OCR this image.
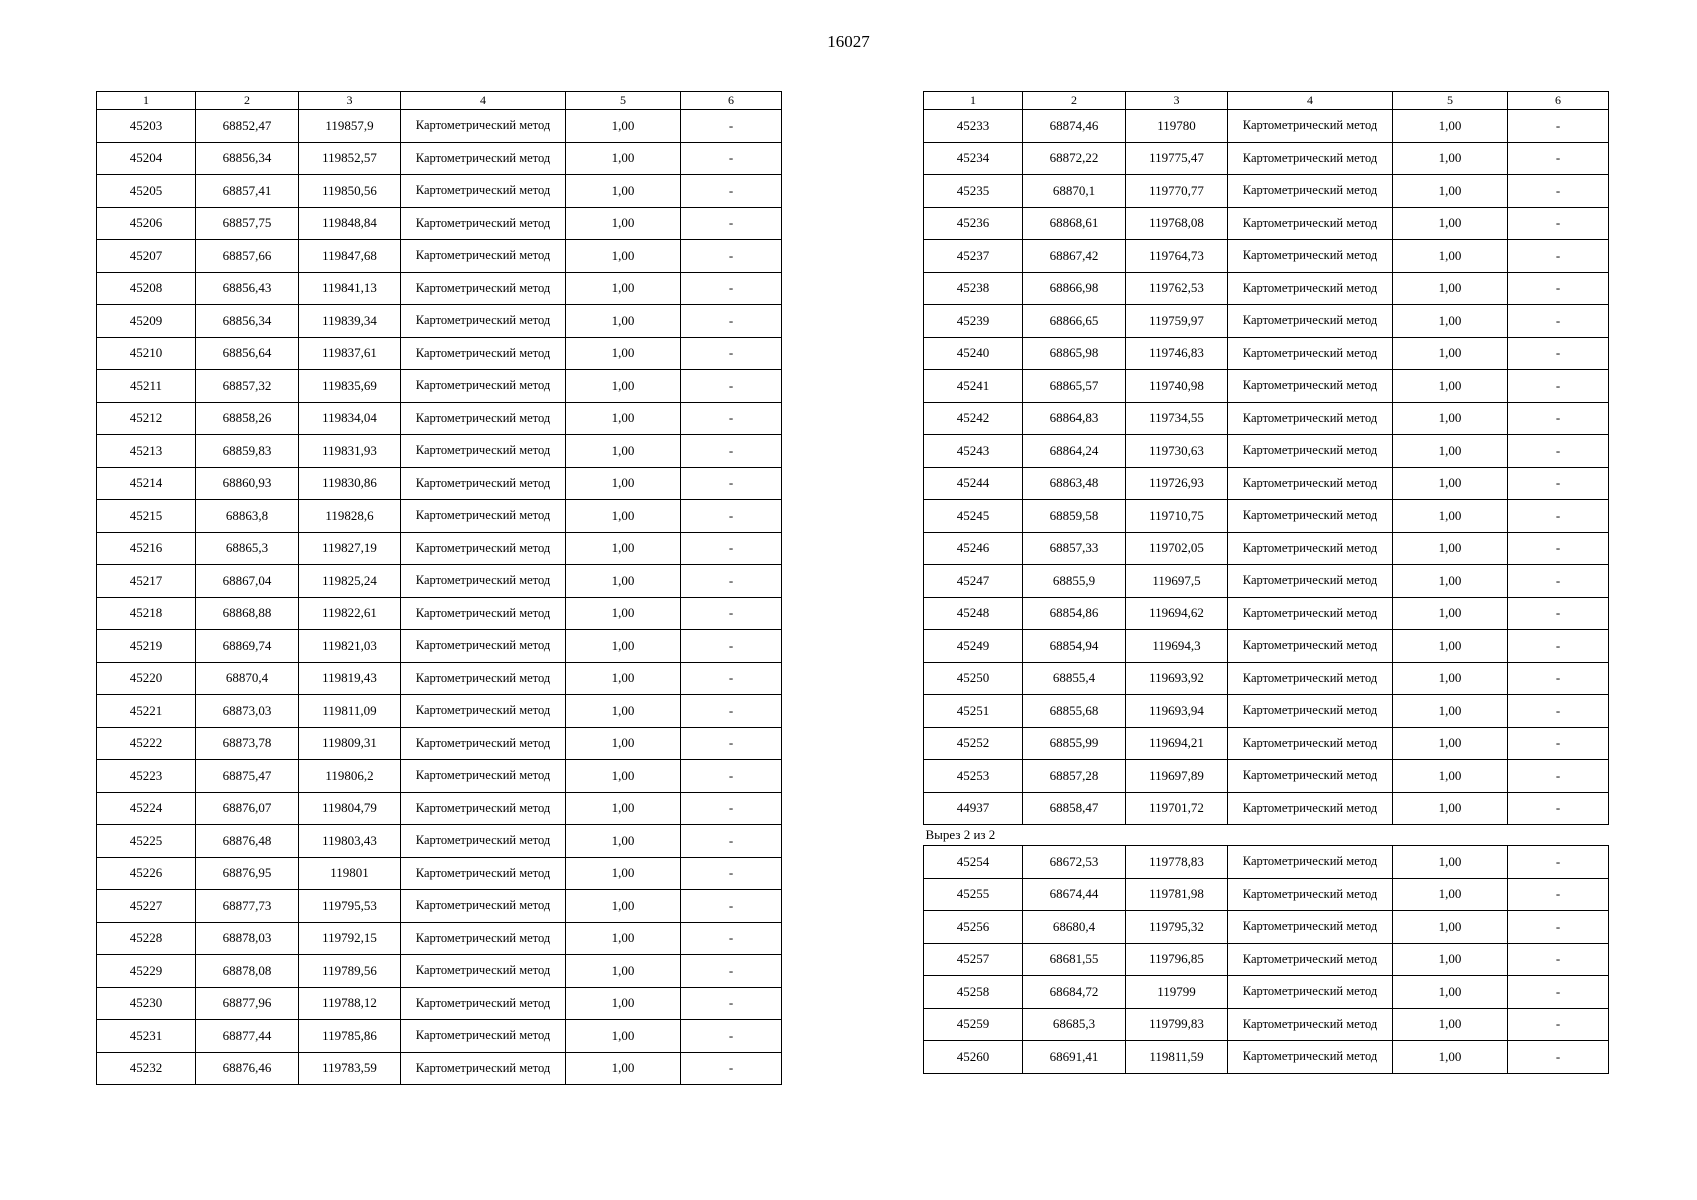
16027
1	2	3	4	5	6
45203	68852,47	119857,9	Картометрический метод	1,00	-
45204	68856,34	119852,57	Картометрический метод	1,00	-
45205	68857,41	119850,56	Картометрический метод	1,00	-
45206	68857,75	119848,84	Картометрический метод	1,00	-
45207	68857,66	119847,68	Картометрический метод	1,00	-
45208	68856,43	119841,13	Картометрический метод	1,00	-
45209	68856,34	119839,34	Картометрический метод	1,00	-
45210	68856,64	119837,61	Картометрический метод	1,00	-
45211	68857,32	119835,69	Картометрический метод	1,00	-
45212	68858,26	119834,04	Картометрический метод	1,00	-
45213	68859,83	119831,93	Картометрический метод	1,00	-
45214	68860,93	119830,86	Картометрический метод	1,00	-
45215	68863,8	119828,6	Картометрический метод	1,00	-
45216	68865,3	119827,19	Картометрический метод	1,00	-
45217	68867,04	119825,24	Картометрический метод	1,00	-
45218	68868,88	119822,61	Картометрический метод	1,00	-
45219	68869,74	119821,03	Картометрический метод	1,00	-
45220	68870,4	119819,43	Картометрический метод	1,00	-
45221	68873,03	119811,09	Картометрический метод	1,00	-
45222	68873,78	119809,31	Картометрический метод	1,00	-
45223	68875,47	119806,2	Картометрический метод	1,00	-
45224	68876,07	119804,79	Картометрический метод	1,00	-
45225	68876,48	119803,43	Картометрический метод	1,00	-
45226	68876,95	119801	Картометрический метод	1,00	-
45227	68877,73	119795,53	Картометрический метод	1,00	-
45228	68878,03	119792,15	Картометрический метод	1,00	-
45229	68878,08	119789,56	Картометрический метод	1,00	-
45230	68877,96	119788,12	Картометрический метод	1,00	-
45231	68877,44	119785,86	Картометрический метод	1,00	-
45232	68876,46	119783,59	Картометрический метод	1,00	-
1	2	3	4	5	6
45233	68874,46	119780	Картометрический метод	1,00	-
45234	68872,22	119775,47	Картометрический метод	1,00	-
45235	68870,1	119770,77	Картометрический метод	1,00	-
45236	68868,61	119768,08	Картометрический метод	1,00	-
45237	68867,42	119764,73	Картометрический метод	1,00	-
45238	68866,98	119762,53	Картометрический метод	1,00	-
45239	68866,65	119759,97	Картометрический метод	1,00	-
45240	68865,98	119746,83	Картометрический метод	1,00	-
45241	68865,57	119740,98	Картометрический метод	1,00	-
45242	68864,83	119734,55	Картометрический метод	1,00	-
45243	68864,24	119730,63	Картометрический метод	1,00	-
45244	68863,48	119726,93	Картометрический метод	1,00	-
45245	68859,58	119710,75	Картометрический метод	1,00	-
45246	68857,33	119702,05	Картометрический метод	1,00	-
45247	68855,9	119697,5	Картометрический метод	1,00	-
45248	68854,86	119694,62	Картометрический метод	1,00	-
45249	68854,94	119694,3	Картометрический метод	1,00	-
45250	68855,4	119693,92	Картометрический метод	1,00	-
45251	68855,68	119693,94	Картометрический метод	1,00	-
45252	68855,99	119694,21	Картометрический метод	1,00	-
45253	68857,28	119697,89	Картометрический метод	1,00	-
44937	68858,47	119701,72	Картометрический метод	1,00	-
Вырез 2 из 2					
45254	68672,53	119778,83	Картометрический метод	1,00	-
45255	68674,44	119781,98	Картометрический метод	1,00	-
45256	68680,4	119795,32	Картометрический метод	1,00	-
45257	68681,55	119796,85	Картометрический метод	1,00	-
45258	68684,72	119799	Картометрический метод	1,00	-
45259	68685,3	119799,83	Картометрический метод	1,00	-
45260	68691,41	119811,59	Картометрический метод	1,00	-
